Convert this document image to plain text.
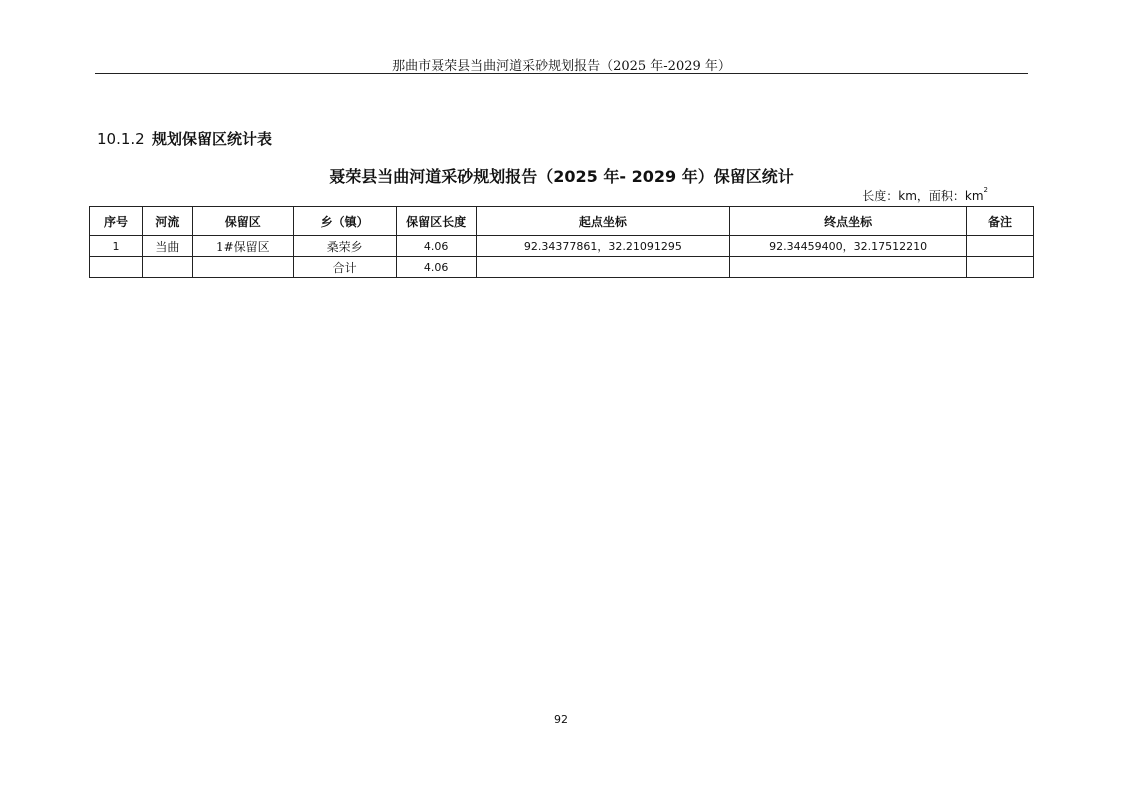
那曲市聂荣县当曲河道采砂规划报告（2025 年-2029 年）
10.1.2 规划保留区统计表
聂荣县当曲河道采砂规划报告（2025 年- 2029 年）保留区统计
长度：km，面积：$km^2$
序号	河流	保留区	乡（镇）	保留区长度	起点坐标	终点坐标	备注
1	当曲	1#保留区	桑荣乡	4.06	92.34377861，32.21091295	92.34459400，32.17512210	
			合计	4.06			
92
